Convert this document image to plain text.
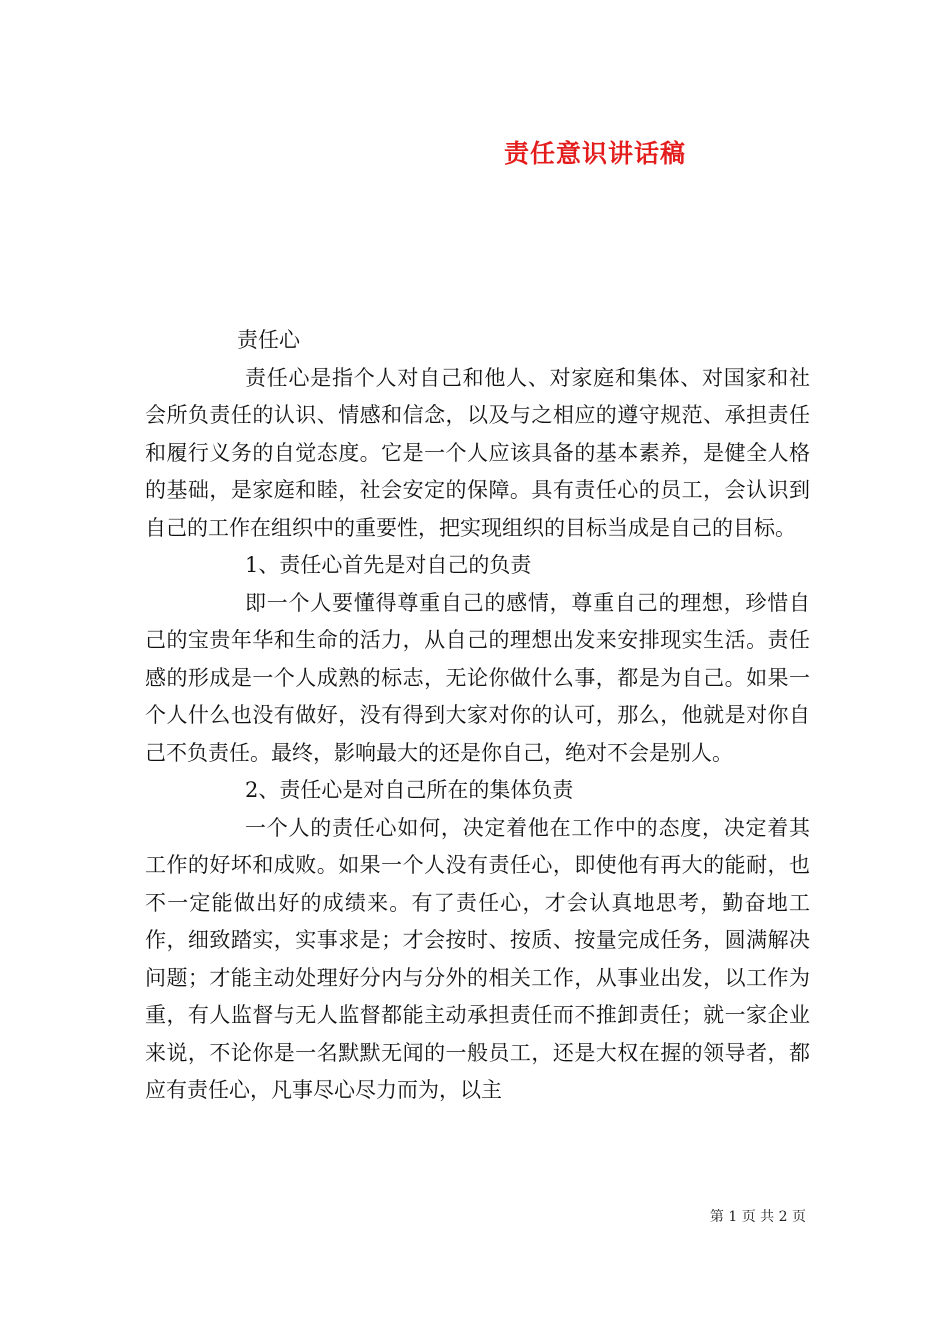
责任意识讲话稿

责任心

责任心是指个人对自己和他人、对家庭和集体、对国家和社会所负责任的认识、情感和信念，以及与之相应的遵守规范、承担责任和履行义务的自觉态度。它是一个人应该具备的基本素养，是健全人格的基础，是家庭和睦，社会安定的保障。具有责任心的员工，会认识到自己的工作在组织中的重要性，把实现组织的目标当成是自己的目标。

1、责任心首先是对自己的负责

即一个人要懂得尊重自己的感情，尊重自己的理想，珍惜自己的宝贵年华和生命的活力，从自己的理想出发来安排现实生活。责任感的形成是一个人成熟的标志，无论你做什么事，都是为自己。如果一个人什么也没有做好，没有得到大家对你的认可，那么，他就是对你自己不负责任。最终，影响最大的还是你自己，绝对不会是别人。

2、责任心是对自己所在的集体负责

一个人的责任心如何，决定着他在工作中的态度，决定着其工作的好坏和成败。如果一个人没有责任心，即使他有再大的能耐，也不一定能做出好的成绩来。有了责任心，才会认真地思考，勤奋地工作，细致踏实，实事求是；才会按时、按质、按量完成任务，圆满解决问题；才能主动处理好分内与分外的相关工作，从事业出发，以工作为重，有人监督与无人监督都能主动承担责任而不推卸责任；就一家企业来说，不论你是一名默默无闻的一般员工，还是大权在握的领导者，都应有责任心，凡事尽心尽力而为，以主

第 1 页 共 2 页
